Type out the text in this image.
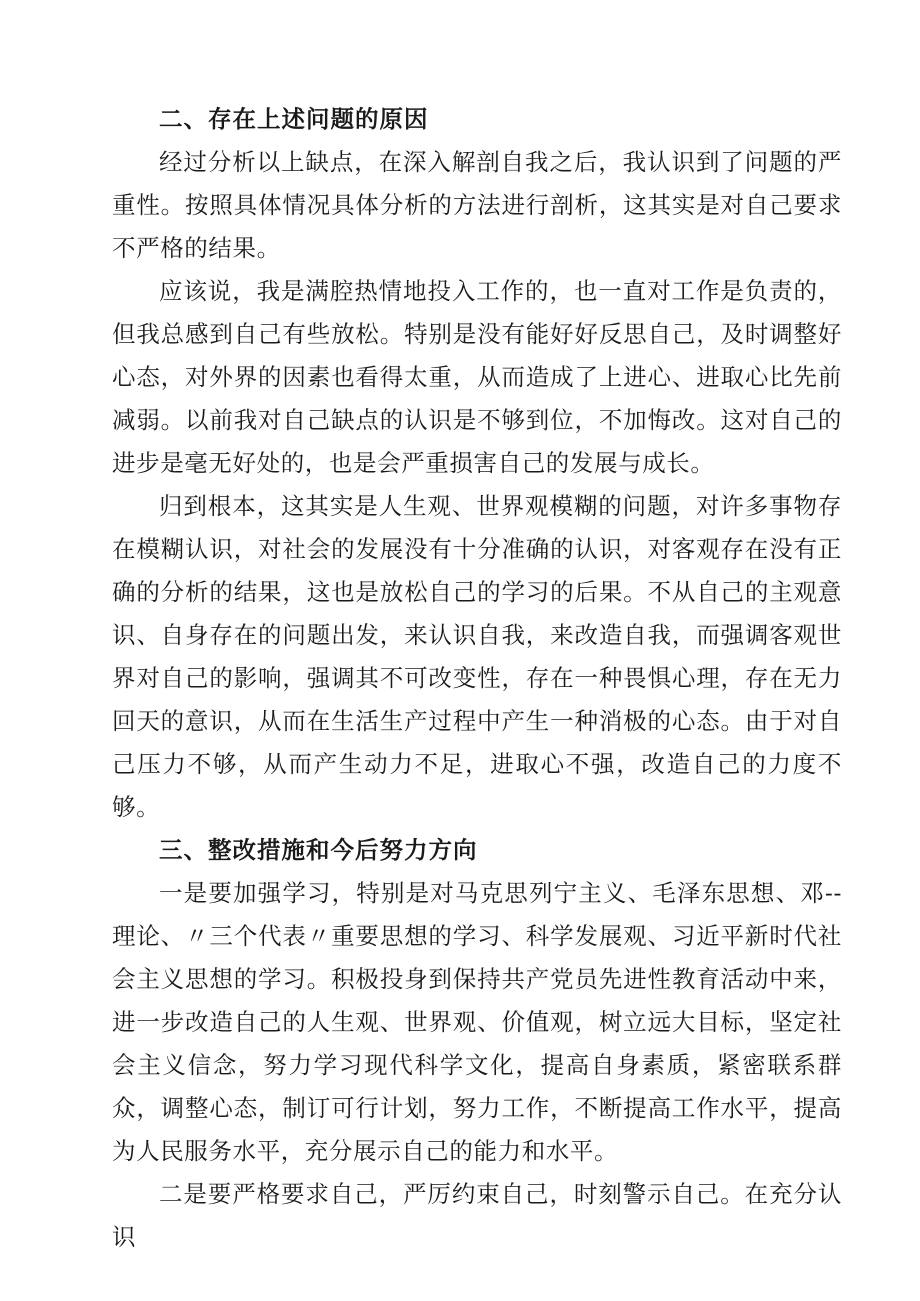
二、存在上述问题的原因

经过分析以上缺点，在深入解剖自我之后，我认识到了问题的严重性。按照具体情况具体分析的方法进行剖析，这其实是对自己要求不严格的结果。

应该说，我是满腔热情地投入工作的，也一直对工作是负责的，但我总感到自己有些放松。特别是没有能好好反思自己，及时调整好心态，对外界的因素也看得太重，从而造成了上进心、进取心比先前减弱。以前我对自己缺点的认识是不够到位，不加悔改。这对自己的进步是毫无好处的，也是会严重损害自己的发展与成长。

归到根本，这其实是人生观、世界观模糊的问题，对许多事物存在模糊认识，对社会的发展没有十分准确的认识，对客观存在没有正确的分析的结果，这也是放松自己的学习的后果。不从自己的主观意识、自身存在的问题出发，来认识自我，来改造自我，而强调客观世界对自己的影响，强调其不可改变性，存在一种畏惧心理，存在无力回天的意识，从而在生活生产过程中产生一种消极的心态。由于对自己压力不够，从而产生动力不足，进取心不强，改造自己的力度不够。

三、整改措施和今后努力方向

一是要加强学习，特别是对马克思列宁主义、毛泽东思想、邓--理论、〃三个代表〃重要思想的学习、科学发展观、习近平新时代社会主义思想的学习。积极投身到保持共产党员先进性教育活动中来，进一步改造自己的人生观、世界观、价值观，树立远大目标，坚定社会主义信念，努力学习现代科学文化，提高自身素质，紧密联系群众，调整心态，制订可行计划，努力工作，不断提高工作水平，提高为人民服务水平，充分展示自己的能力和水平。

二是要严格要求自己，严厉约束自己，时刻警示自己。在充分认识
